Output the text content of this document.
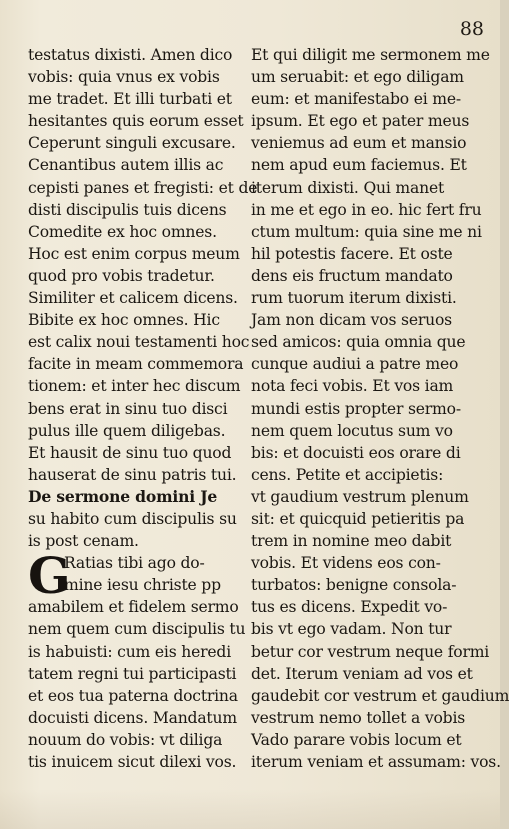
88
testatus dixisti. Amen dico
vobis: quia vnus ex vobis
me tradet. Et illi turbati et
hesitantes quis eorum esset
Ceperunt singuli excusare.
Cenantibus autem illis ac
cepisti panes et fregisti: et de
disti discipulis tuis dicens
Comedite ex hoc omnes.
Hoc est enim corpus meum
quod pro vobis tradetur.
Similiter et calicem dicens.
Bibite ex hoc omnes. Hic
est calix noui testamenti hoc
facite in meam commemora
tionem: et inter hec discum
bens erat in sinu tuo disci
pulus ille quem diligebas.
Et hausit de sinu tuo quod
hauserat de sinu patris tui.
De sermone domini Je
su habito cum discipulis su
is post cenam.
G
Ratias tibi ago do-
mine iesu christe pp
amabilem et fidelem sermo
nem quem cum discipulis tu
is habuisti: cum eis heredi
tatem regni tui participasti
et eos tua paterna doctrina
docuisti dicens. Mandatum
nouum do vobis: vt diliga
tis inuicem sicut dilexi vos.
Et qui diligit me sermonem me
um seruabit: et ego diligam
eum: et manifestabo ei me-
ipsum. Et ego et pater meus
veniemus ad eum et mansio
nem apud eum faciemus. Et
iterum dixisti. Qui manet
in me et ego in eo. hic fert fru
ctum multum: quia sine me ni
hil potestis facere. Et oste
dens eis fructum mandato
rum tuorum iterum dixisti.
Jam non dicam vos seruos
sed amicos: quia omnia que
cunque audiui a patre meo
nota feci vobis. Et vos iam
mundi estis propter sermo-
nem quem locutus sum vo
bis: et docuisti eos orare di
cens. Petite et accipietis:
vt gaudium vestrum plenum
sit: et quicquid petieritis pa
trem in nomine meo dabit
vobis. Et videns eos con-
turbatos: benigne consola-
tus es dicens. Expedit vo-
bis vt ego vadam. Non tur
betur cor vestrum neque formi
det. Iterum veniam ad vos et
gaudebit cor vestrum et gaudium
vestrum nemo tollet a vobis
Vado parare vobis locum et
iterum veniam et assumam: vos.
